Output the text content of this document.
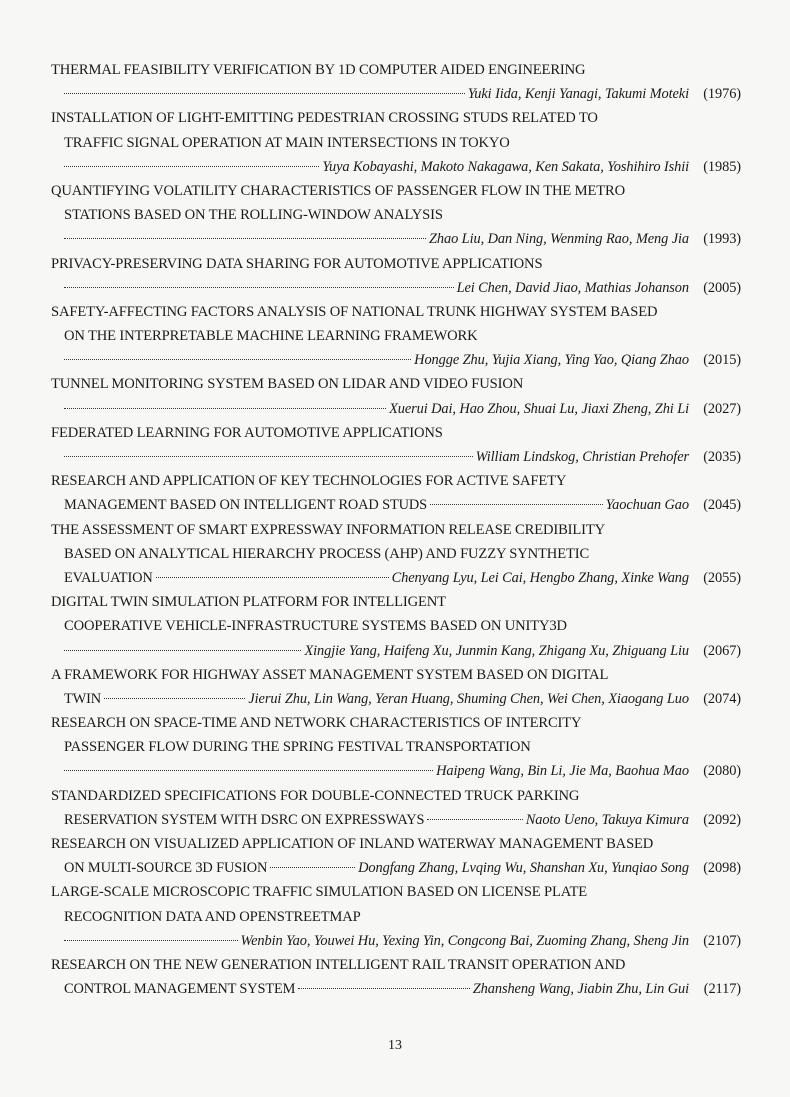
THERMAL FEASIBILITY VERIFICATION BY 1D COMPUTER AIDED ENGINEERING
Yuki Iida, Kenji Yanagi, Takumi Moteki (1976)
INSTALLATION OF LIGHT-EMITTING PEDESTRIAN CROSSING STUDS RELATED TO
TRAFFIC SIGNAL OPERATION AT MAIN INTERSECTIONS IN TOKYO
Yuya Kobayashi, Makoto Nakagawa, Ken Sakata, Yoshihiro Ishii (1985)
QUANTIFYING VOLATILITY CHARACTERISTICS OF PASSENGER FLOW IN THE METRO
STATIONS BASED ON THE ROLLING-WINDOW ANALYSIS
Zhao Liu, Dan Ning, Wenming Rao, Meng Jia (1993)
PRIVACY-PRESERVING DATA SHARING FOR AUTOMOTIVE APPLICATIONS
Lei Chen, David Jiao, Mathias Johanson (2005)
SAFETY-AFFECTING FACTORS ANALYSIS OF NATIONAL TRUNK HIGHWAY SYSTEM BASED
ON THE INTERPRETABLE MACHINE LEARNING FRAMEWORK
Hongge Zhu, Yujia Xiang, Ying Yao, Qiang Zhao (2015)
TUNNEL MONITORING SYSTEM BASED ON LIDAR AND VIDEO FUSION
Xuerui Dai, Hao Zhou, Shuai Lu, Jiaxi Zheng, Zhi Li (2027)
FEDERATED LEARNING FOR AUTOMOTIVE APPLICATIONS
William Lindskog, Christian Prehofer (2035)
RESEARCH AND APPLICATION OF KEY TECHNOLOGIES FOR ACTIVE SAFETY
MANAGEMENT BASED ON INTELLIGENT ROAD STUDS	Yaochuan Gao (2045)
THE ASSESSMENT OF SMART EXPRESSWAY INFORMATION RELEASE CREDIBILITY
BASED ON ANALYTICAL HIERARCHY PROCESS (AHP) AND FUZZY SYNTHETIC
EVALUATION	Chenyang Lyu, Lei Cai, Hengbo Zhang, Xinke Wang (2055)
DIGITAL TWIN SIMULATION PLATFORM FOR INTELLIGENT
COOPERATIVE VEHICLE-INFRASTRUCTURE SYSTEMS BASED ON UNITY3D
Xingjie Yang, Haifeng Xu, Junmin Kang, Zhigang Xu, Zhiguang Liu (2067)
A FRAMEWORK FOR HIGHWAY ASSET MANAGEMENT SYSTEM BASED ON DIGITAL
TWIN	Jierui Zhu, Lin Wang, Yeran Huang, Shuming Chen, Wei Chen, Xiaogang Luo (2074)
RESEARCH ON SPACE-TIME AND NETWORK CHARACTERISTICS OF INTERCITY
PASSENGER FLOW DURING THE SPRING FESTIVAL TRANSPORTATION
Haipeng Wang, Bin Li, Jie Ma, Baohua Mao (2080)
STANDARDIZED SPECIFICATIONS FOR DOUBLE-CONNECTED TRUCK PARKING
RESERVATION SYSTEM WITH DSRC ON EXPRESSWAYS	Naoto Ueno, Takuya Kimura (2092)
RESEARCH ON VISUALIZED APPLICATION OF INLAND WATERWAY MANAGEMENT BASED
ON MULTI-SOURCE 3D FUSION	Dongfang Zhang, Lvqing Wu, Shanshan Xu, Yunqiao Song (2098)
LARGE-SCALE MICROSCOPIC TRAFFIC SIMULATION BASED ON LICENSE PLATE
RECOGNITION DATA AND OPENSTREETMAP
Wenbin Yao, Youwei Hu, Yexing Yin, Congcong Bai, Zuoming Zhang, Sheng Jin (2107)
RESEARCH ON THE NEW GENERATION INTELLIGENT RAIL TRANSIT OPERATION AND
CONTROL MANAGEMENT SYSTEM	Zhansheng Wang, Jiabin Zhu, Lin Gui	(2117)
13
